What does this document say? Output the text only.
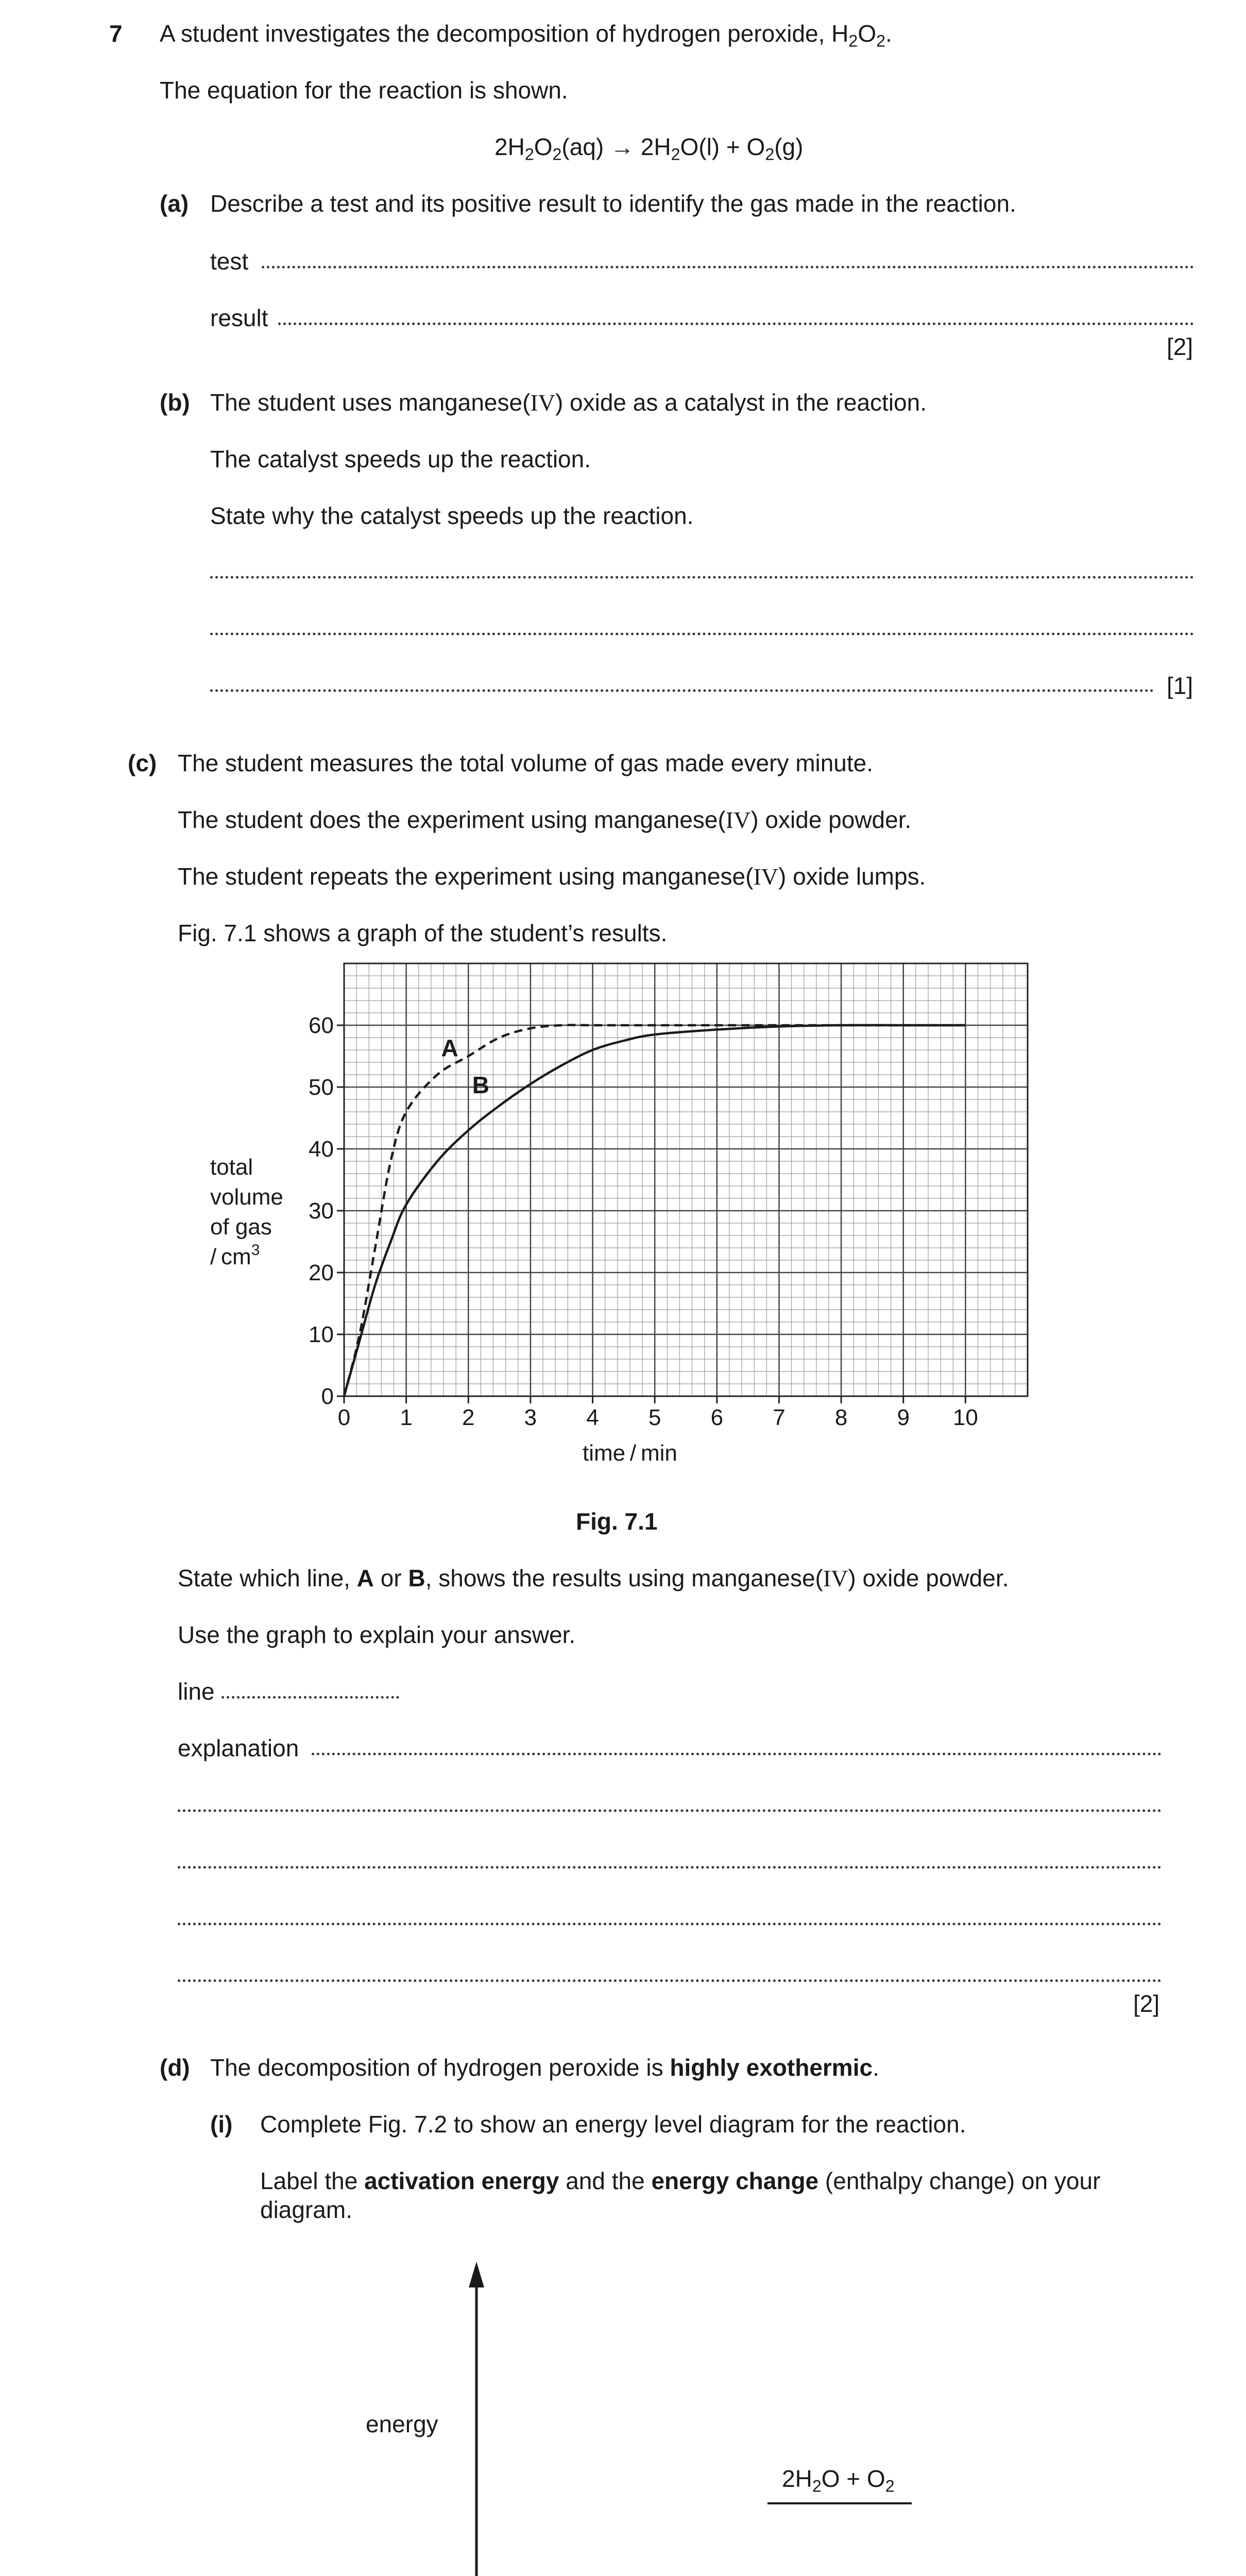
7 A student investigates the decomposition of hydrogen peroxide, $H_2O_2$.
The equation for the reaction is shown.
$2H_2O_2(aq) \to 2H_2O(l) + O_2(g)$
(a) Describe a test and its positive result to identify the gas made in the reaction.
test
result
[2]
(b) The student uses manganese(IV) oxide as a catalyst in the reaction.
The catalyst speeds up the reaction.
State why the catalyst speeds up the reaction.
[1]
(c) The student measures the total volume of gas made every minute.
The student does the experiment using manganese(IV) oxide powder.
The student repeats the experiment using manganese(IV) oxide lumps.
Fig. 7.1 shows a graph of the student’s results.
0 1 2 3 4 5 6 7 8 9 10
0
10
20
30
40
50
60
A
B
time / min
total
volume
of gas
/ $cm^3$
Fig. 7.1
State which line, A or B, shows the results using manganese(IV) oxide powder.
Use the graph to explain your answer.
line
explanation
[2]
(d) The decomposition of hydrogen peroxide is highly exothermic.
(i) Complete Fig. 7.2 to show an energy level diagram for the reaction.
Label the activation energy and the energy change (enthalpy change) on your
diagram.
energy
$2H_2O + O_2$
